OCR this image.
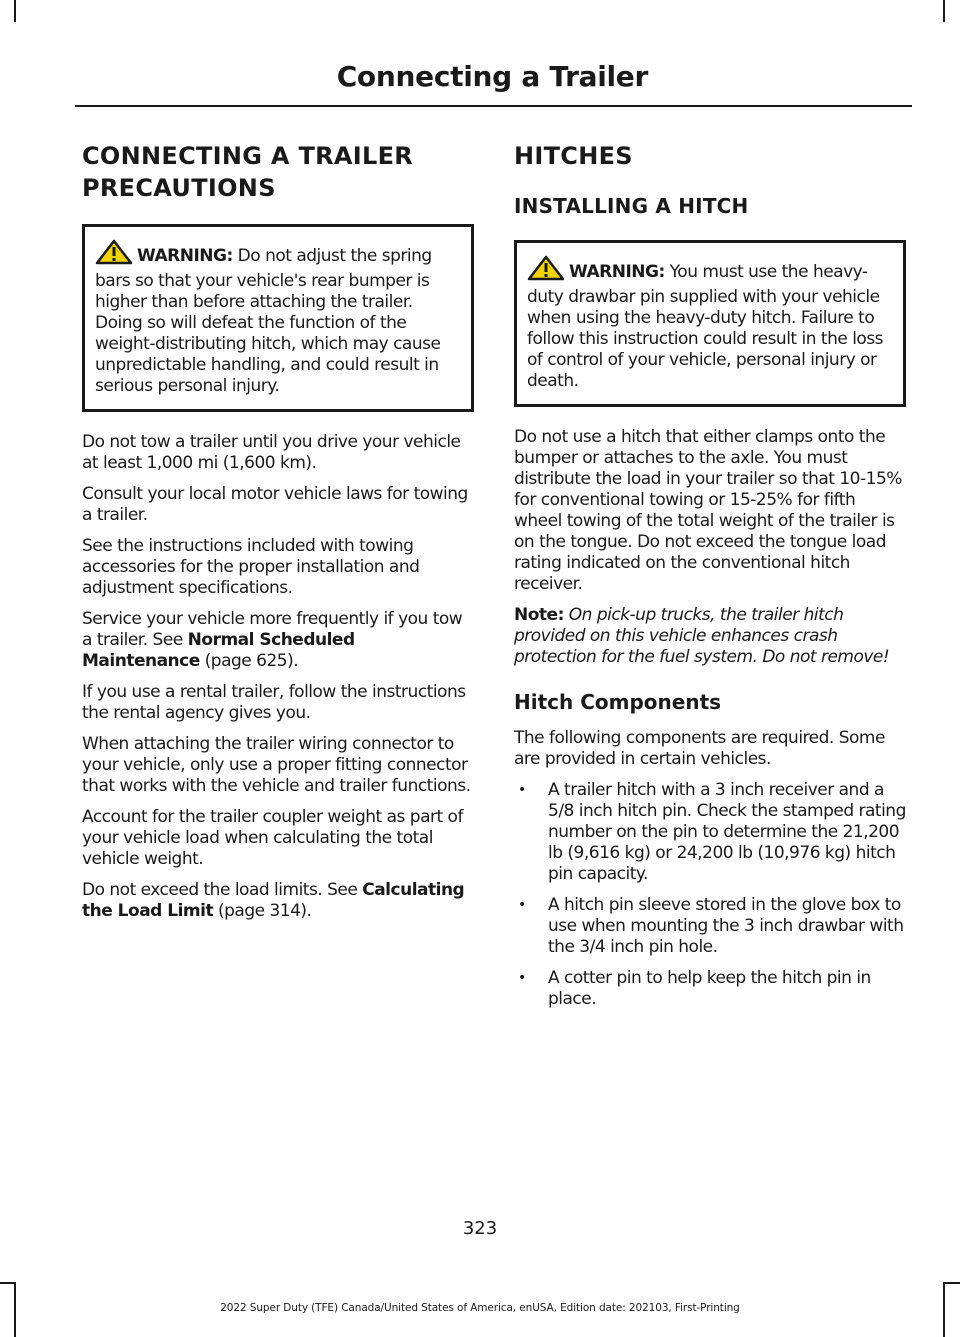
Connecting a Trailer
CONNECTING A TRAILER
PRECAUTIONS
WARNING: Do not adjust the spring bars so that your vehicle's rear bumper is higher than before attaching the trailer. Doing so will defeat the function of the weight-distributing hitch, which may cause unpredictable handling, and could result in serious personal injury.

Do not tow a trailer until you drive your vehicle at least 1,000 mi (1,600 km).

Consult your local motor vehicle laws for towing a trailer.

See the instructions included with towing accessories for the proper installation and adjustment specifications.

Service your vehicle more frequently if you tow a trailer. See Normal Scheduled Maintenance (page 625).

If you use a rental trailer, follow the instructions the rental agency gives you.

When attaching the trailer wiring connector to your vehicle, only use a proper fitting connector that works with the vehicle and trailer functions.

Account for the trailer coupler weight as part of your vehicle load when calculating the total vehicle weight.

Do not exceed the load limits. See Calculating the Load Limit (page 314).

HITCHES
INSTALLING A HITCH
WARNING: You must use the heavy-duty drawbar pin supplied with your vehicle when using the heavy-duty hitch. Failure to follow this instruction could result in the loss of control of your vehicle, personal injury or death.

Do not use a hitch that either clamps onto the bumper or attaches to the axle. You must distribute the load in your trailer so that 10-15% for conventional towing or 15-25% for fifth wheel towing of the total weight of the trailer is on the tongue. Do not exceed the tongue load rating indicated on the conventional hitch receiver.

Note: On pick-up trucks, the trailer hitch provided on this vehicle enhances crash protection for the fuel system. Do not remove!

Hitch Components

The following components are required. Some are provided in certain vehicles.

• A trailer hitch with a 3 inch receiver and a 5/8 inch hitch pin. Check the stamped rating number on the pin to determine the 21,200 lb (9,616 kg) or 24,200 lb (10,976 kg) hitch pin capacity.
• A hitch pin sleeve stored in the glove box to use when mounting the 3 inch drawbar with the 3/4 inch pin hole.
• A cotter pin to help keep the hitch pin in place.
323
2022 Super Duty (TFE) Canada/United States of America, enUSA, Edition date: 202103, First-Printing
